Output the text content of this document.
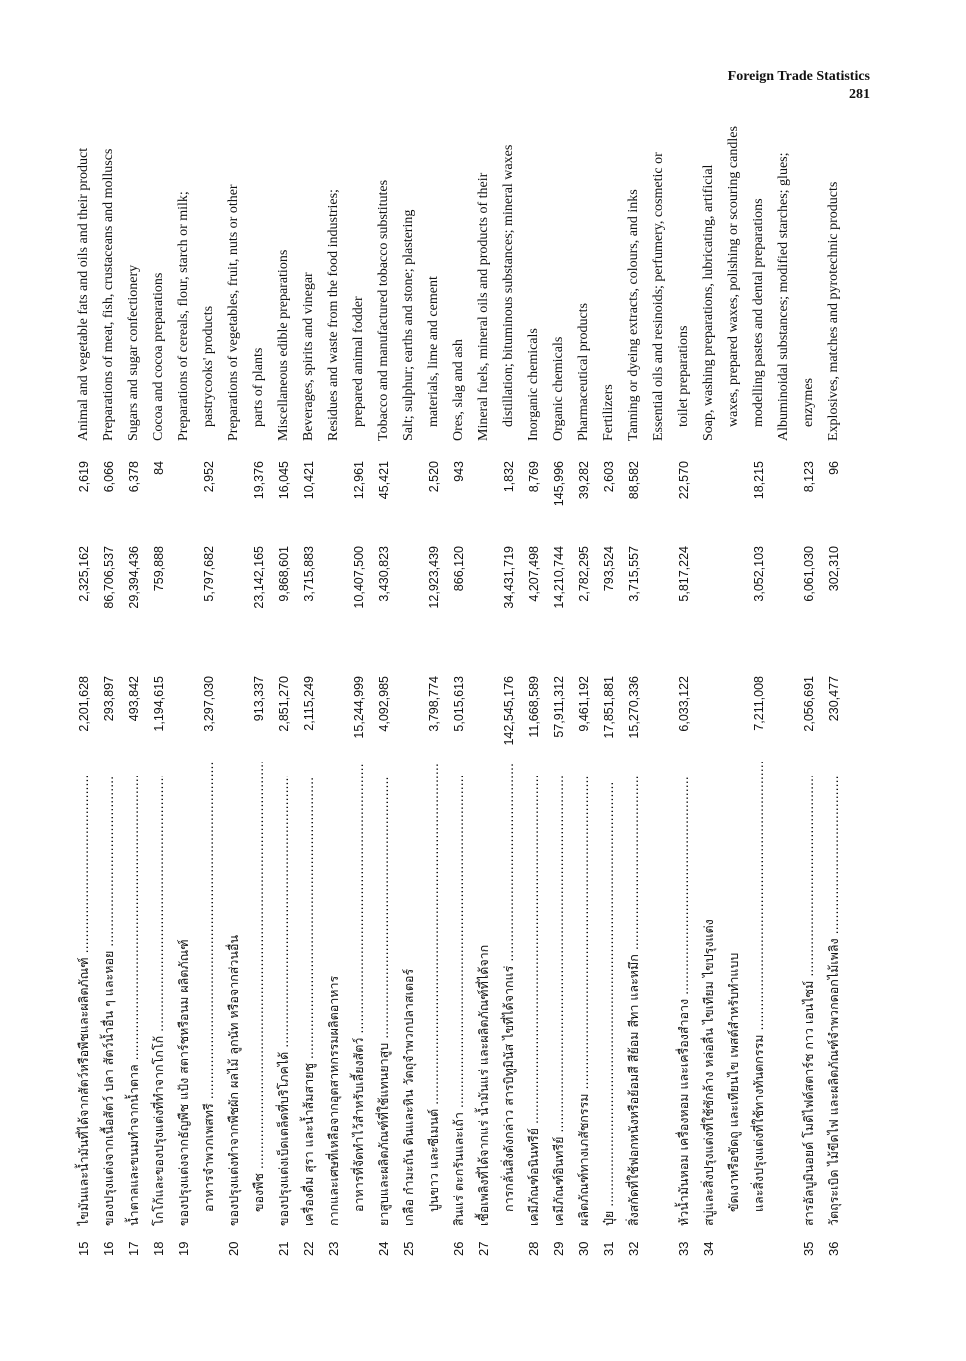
Foreign Trade Statistics
281
15
ไขมันและน้ำมันที่ได้จากสัตว์หรือพืชและผลิตภัณฑ์ .....
2,201,628
2,325,162
2,619
Animal and vegetable fats and oils and their product
16
ของปรุงแต่งจากเนื้อสัตว์ ปลา สัตว์น้ำอื่น ๆ และหอย .....
293,897
86,706,537
6,066
Preparations of meat, fish, crustaceans and molluscs
17
น้ำตาลและขนมทำจากน้ำตาล .....
493,842
29,394,436
6,378
Sugars and sugar confectionery
18
โกโก้และของปรุงแต่งที่ทำจากโกโก้ .....
1,194,615
759,888
84
Cocoa and cocoa preparations
19
ของปรุงแต่งจากธัญพืช แป้ง สตาร์ชหรือนม ผลิตภัณฑ์
Preparations of cereals, flour, starch or milk;
อาหารจำพวกเพสทรี .....
3,297,030
5,797,682
2,952
pastrycooks' products
20
ของปรุงแต่งทำจากพืชผัก ผลไม้ ลูกนัท หรือจากส่วนอื่น
Preparations of vegetables, fruit, nuts or other
ของพืช .....
913,337
23,142,165
19,376
parts of plants
21
ของปรุงแต่งเบ็ดเตล็ดที่บริโภคได้ .....
2,851,270
9,868,601
16,045
Miscellaneous edible preparations
22
เครื่องดื่ม สุรา และน้ำส้มสายชู .....
2,115,249
3,715,883
10,421
Beverages, spirits and vinegar
23
กากและเศษที่เหลือจากอุตสาหกรรมผลิตอาหาร
Residues and waste from the food industries;
อาหารที่จัดทำไว้สำหรับเลี้ยงสัตว์ .....
15,244,999
10,407,500
12,961
prepared animal fodder
24
ยาสูบและผลิตภัณฑ์ที่ใช้แทนยาสูบ .....
4,092,985
3,430,823
45,421
Tobacco and manufactured tobacco substitutes
25
เกลือ กำมะถัน ดินและหิน วัตถุจำพวกปลาสเตอร์
Salt; sulphur; earths and stone; plastering
ปูนขาว และซีเมนต์ .....
3,798,774
12,923,439
2,520
materials, lime and cement
26
สินแร่ ตะกรันและเถ้า .....
5,015,613
866,120
943
Ores, slag and ash
27
เชื้อเพลิงที่ได้จากแร่ น้ำมันแร่ และผลิตภัณฑ์ที่ได้จาก
Mineral fuels, mineral oils and products of their
การกลั่นสิ่งดังกล่าว สารบิทูมินัส ไขที่ได้จากแร่ .....
142,545,176
34,431,719
1,832
distillation; bituminous substances; mineral waxes
28
เคมีภัณฑ์อนินทรีย์ .....
11,668,589
4,207,498
8,769
Inorganic chemicals
29
เคมีภัณฑ์อินทรีย์ .....
57,911,312
14,210,744
145,996
Organic chemicals
30
ผลิตภัณฑ์ทางเภสัชกรรม .....
9,461,192
2,782,295
39,282
Pharmaceutical products
31
ปุ๋ย .....
17,851,881
793,524
2,603
Fertilizers
32
สิ่งสกัดที่ใช้ฟอกหนังหรือย้อมสี สีย้อม สีทา และหมึก .....
15,270,336
3,715,557
88,582
Tanning or dyeing extracts, colours, and inks Essential oils and resinoids; perfumery, cosmetic or
33
หัวน้ำมันหอม เครื่องหอม และเครื่องสำอาง .....
6,033,122
5,817,224
22,570
toilet preparations
34
สบู่และสิ่งปรุงแต่งที่ใช้ซักล้าง หล่อลื่น ไขเทียม ไขปรุงแต่ง
Soap, washing preparations, lubricating, artificial
ขัดเงาหรือขัดถู และเทียนไข เพสต์สำหรับทำแบบ
waxes, prepared waxes, polishing or scouring candles
และสิ่งปรุงแต่งที่ใช้ทางทันตกรรม .....
7,211,008
3,052,103
18,215
modelling pastes and dental preparations Albuminoidal substances; modified starches; glues;
35
สารอัลบูมินอยด์ โมดิไฟด์สตาร์ช กาว เอนไซม์ .....
2,056,691
6,061,030
8,123
enzymes
36
วัตถุระเบิด ไม้ขีดไฟ และผลิตภัณฑ์จำพวกดอกไม้เพลิง .....
230,477
302,310
96
Explosives, matches and pyrotechnic products
